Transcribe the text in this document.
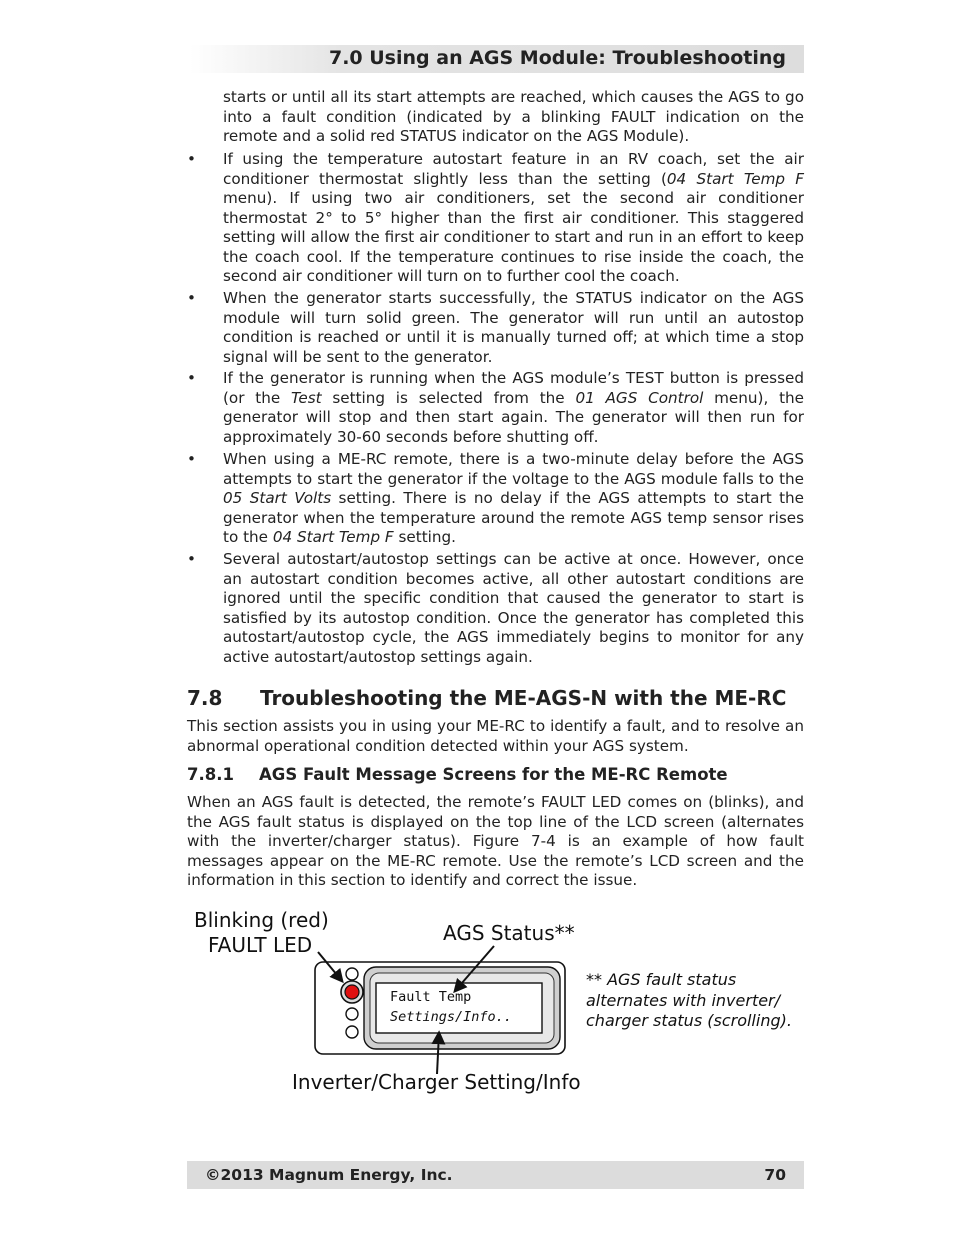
7.0 Using an AGS Module: Troubleshooting

starts or until all its start attempts are reached, which causes the AGS to go into a fault condition (indicated by a blinking FAULT indication on the remote and a solid red STATUS indicator on the AGS Module).

•	If using the temperature autostart feature in an RV coach, set the air conditioner thermostat slightly less than the setting (04 Start Temp F menu). If using two air conditioners, set the second air conditioner thermostat 2° to 5° higher than the first air conditioner. This staggered setting will allow the first air conditioner to start and run in an effort to keep the coach cool. If the temperature continues to rise inside the coach, the second air conditioner will turn on to further cool the coach.

•	When the generator starts successfully, the STATUS indicator on the AGS module will turn solid green. The generator will run until an autostop condition is reached or until it is manually turned off; at which time a stop signal will be sent to the generator.

•	If the generator is running when the AGS module’s TEST button is pressed (or the Test setting is selected from the 01 AGS Control menu), the generator will stop and then start again. The generator will then run for approximately 30-60 seconds before shutting off.

•	When using a ME-RC remote, there is a two-minute delay before the AGS attempts to start the generator if the voltage to the AGS module falls to the 05 Start Volts setting. There is no delay if the AGS attempts to start the generator when the temperature around the remote AGS temp sensor rises to the 04 Start Temp F setting.

•	Several autostart/autostop settings can be active at once. However, once an autostart condition becomes active, all other autostart conditions are ignored until the specific condition that caused the generator to start is satisfied by its autostop condition. Once the generator has completed this autostart/autostop cycle, the AGS immediately begins to monitor for any active autostart/autostop settings again.

7.8 Troubleshooting the ME-AGS-N with the ME-RC

This section assists you in using your ME-RC to identify a fault, and to resolve an abnormal operational condition detected within your AGS system.

7.8.1 AGS Fault Message Screens for the ME-RC Remote

When an AGS fault is detected, the remote’s FAULT LED comes on (blinks), and the AGS fault status is displayed on the top line of the LCD screen (alternates with the inverter/charger status). Figure 7-4 is an example of how fault messages appear on the ME-RC remote. Use the remote’s LCD screen and the information in this section to identify and correct the issue.

Blinking (red)
FAULT LED	AGS Status**
Fault Temp
Settings/Info..
Inverter/Charger Setting/Info
** AGS fault status alternates with inverter/ charger status (scrolling).
©2013 Magnum Energy, Inc.	70
